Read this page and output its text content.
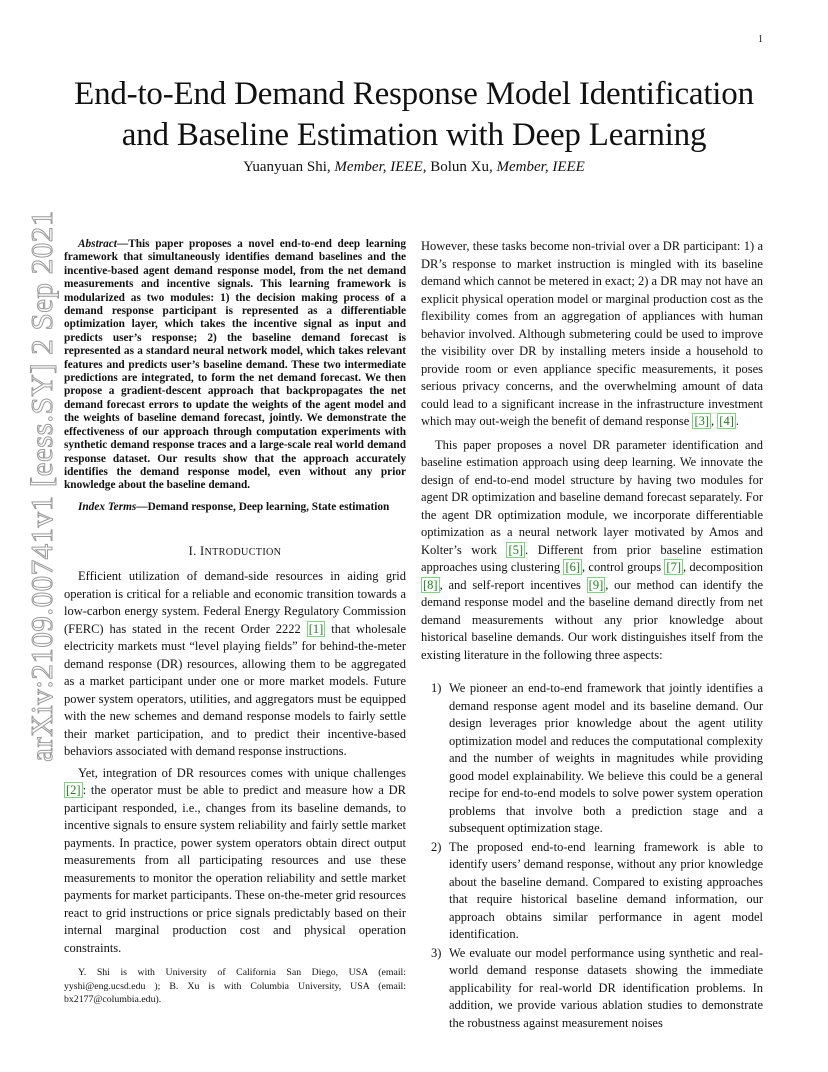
1
End-to-End Demand Response Model Identification
and Baseline Estimation with Deep Learning
Yuanyuan Shi, Member, IEEE, Bolun Xu, Member, IEEE
arXiv:2109.00741v1 [eess.SY] 2 Sep 2021	Abstract—This paper proposes a novel end-to-end deep learning framework that simultaneously identifies demand baselines and the incentive-based agent demand response model, from the net demand measurements and incentive signals. This learning framework is modularized as two modules: 1) the decision making process of a demand response participant is represented as a differentiable optimization layer, which takes the incentive signal as input and predicts user’s response; 2) the baseline demand forecast is represented as a standard neural network model, which takes relevant features and predicts user’s baseline demand. These two intermediate predictions are integrated, to form the net demand forecast. We then propose a gradient-descent approach that backpropagates the net demand forecast errors to update the weights of the agent model and the weights of baseline demand forecast, jointly. We demonstrate the effectiveness of our approach through computation experiments with synthetic demand response traces and a large-scale real world demand response dataset. Our results show that the approach accurately identifies the demand response model, even without any prior knowledge about the baseline demand.

Index Terms—Demand response, Deep learning, State estimation

I. INTRODUCTION

Efficient utilization of demand-side resources in aiding grid operation is critical for a reliable and economic transition towards a low-carbon energy system. Federal Energy Regulatory Commission (FERC) has stated in the recent Order 2222 [1] that wholesale electricity markets must “level playing fields” for behind-the-meter demand response (DR) resources, allowing them to be aggregated as a market participant under one or more market models. Future power system operators, utilities, and aggregators must be equipped with the new schemes and demand response models to fairly settle their market participation, and to predict their incentive-based behaviors associated with demand response instructions.

Yet, integration of DR resources comes with unique challenges [2] : the operator must be able to predict and measure how a DR participant responded, i.e., changes from its baseline demands, to incentive signals to ensure system reliability and fairly settle market payments. In practice, power system operators obtain direct output measurements from all participating resources and use these measurements to monitor the operation reliability and settle market payments for market participants. These on-the-meter grid resources react to grid instructions or price signals predictably based on their internal marginal production cost and physical operation constraints.

Y. Shi is with University of California San Diego, USA (email: yyshi@eng.ucsd.edu ); B. Xu is with Columbia University, USA (email: bx2177@columbia.edu).

However, these tasks become non-trivial over a DR participant: 1) a DR’s response to market instruction is mingled with its baseline demand which cannot be metered in exact; 2) a DR may not have an explicit physical operation model or marginal production cost as the flexibility comes from an aggregation of appliances with human behavior involved. Although submetering could be used to improve the visibility over DR by installing meters inside a household to provide room or even appliance specific measurements, it poses serious privacy concerns, and the overwhelming amount of data could lead to a significant increase in the infrastructure investment which may out-weigh the benefit of demand response [3] , [4] .

This paper proposes a novel DR parameter identification and baseline estimation approach using deep learning. We innovate the design of end-to-end model structure by having two modules for agent DR optimization and baseline demand forecast separately. For the agent DR optimization module, we incorporate differentiable optimization as a neural network layer motivated by Amos and Kolter’s work [5] . Different from prior baseline estimation approaches using clustering [6] , control groups [7] , decomposition [8] , and self-report incentives [9] , our method can identify the demand response model and the baseline demand directly from net demand measurements without any prior knowledge about historical baseline demands. Our work distinguishes itself from the existing literature in the following three aspects:

1) We pioneer an end-to-end framework that jointly identifies a demand response agent model and its baseline demand. Our design leverages prior knowledge about the agent utility optimization model and reduces the computational complexity and the number of weights in magnitudes while providing good model explainability. We believe this could be a general recipe for end-to-end models to solve power system operation problems that involve both a prediction stage and a subsequent optimization stage.
2) The proposed end-to-end learning framework is able to identify users’ demand response, without any prior knowledge about the baseline demand. Compared to existing approaches that require historical baseline demand information, our approach obtains similar performance in agent model identification.
3) We evaluate our model performance using synthetic and real-world demand response datasets showing the immediate applicability for real-world DR identification problems. In addition, we provide various ablation studies to demonstrate the robustness against measurement noises
